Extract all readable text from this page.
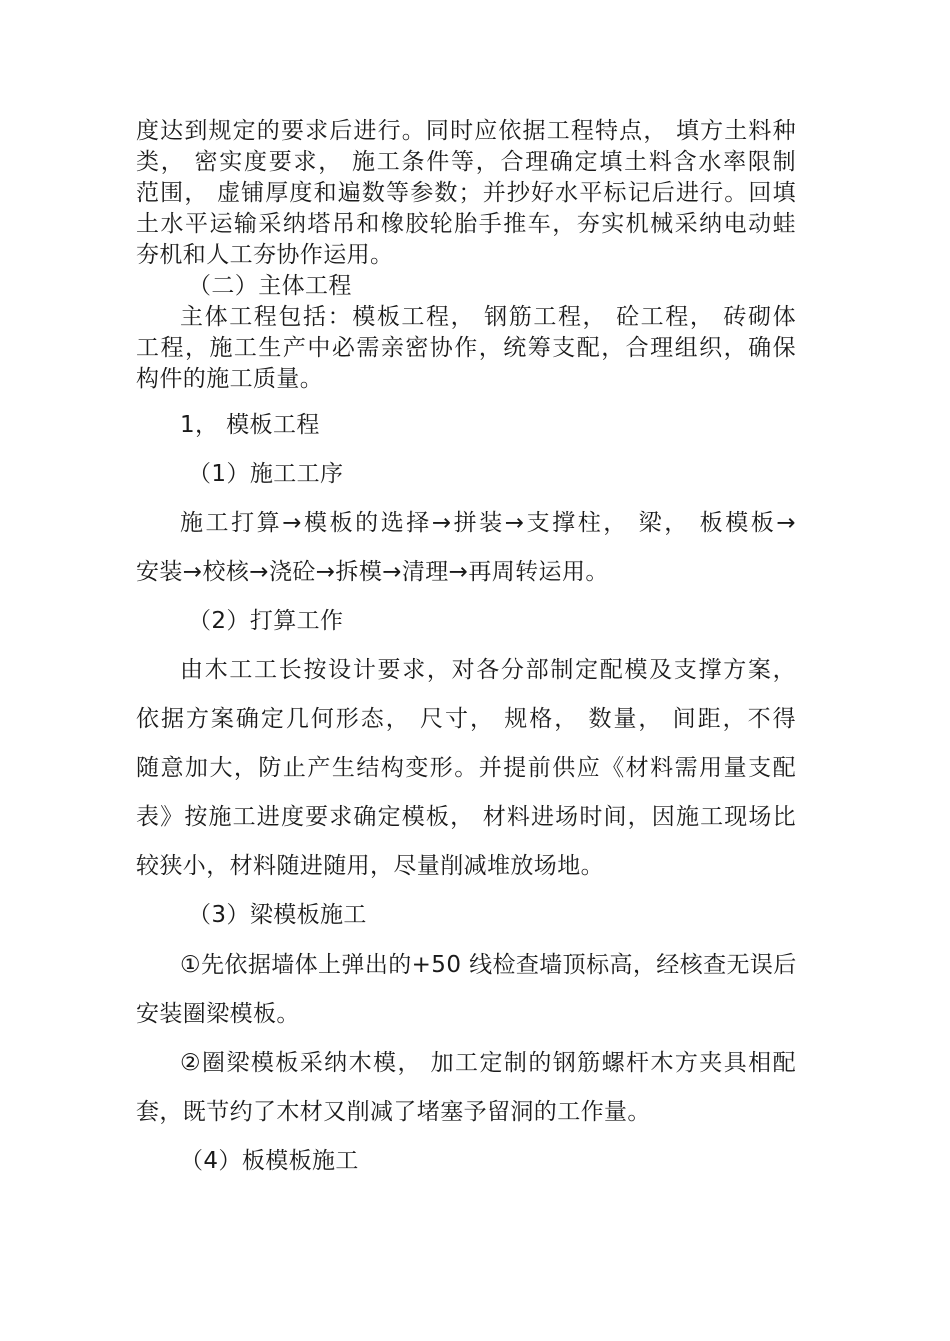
度达到规定的要求后进行。同时应依据工程特点， 填方土料种
类， 密实度要求， 施工条件等，合理确定填土料含水率限制
范围， 虚铺厚度和遍数等参数；并抄好水平标记后进行。回填
土水平运输采纳塔吊和橡胶轮胎手推车，夯实机械采纳电动蛙
夯机和人工夯协作运用。
（二）主体工程
主体工程包括：模板工程， 钢筋工程， 砼工程， 砖砌体
工程，施工生产中必需亲密协作，统筹支配，合理组织，确保
构件的施工质量。
1， 模板工程
（1）施工工序
施工打算→模板的选择→拼装→支撑柱， 梁， 板模板→
安装→校核→浇砼→拆模→清理→再周转运用。
（2）打算工作
由木工工长按设计要求，对各分部制定配模及支撑方案，
依据方案确定几何形态， 尺寸， 规格， 数量， 间距，不得
随意加大，防止产生结构变形。并提前供应《材料需用量支配
表》按施工进度要求确定模板， 材料进场时间，因施工现场比
较狭小，材料随进随用，尽量削减堆放场地。
（3）梁模板施工
①先依据墙体上弹出的+50 线检查墙顶标高，经核查无误后
安装圈梁模板。
②圈梁模板采纳木模， 加工定制的钢筋螺杆木方夹具相配
套，既节约了木材又削减了堵塞予留洞的工作量。
（4）板模板施工
